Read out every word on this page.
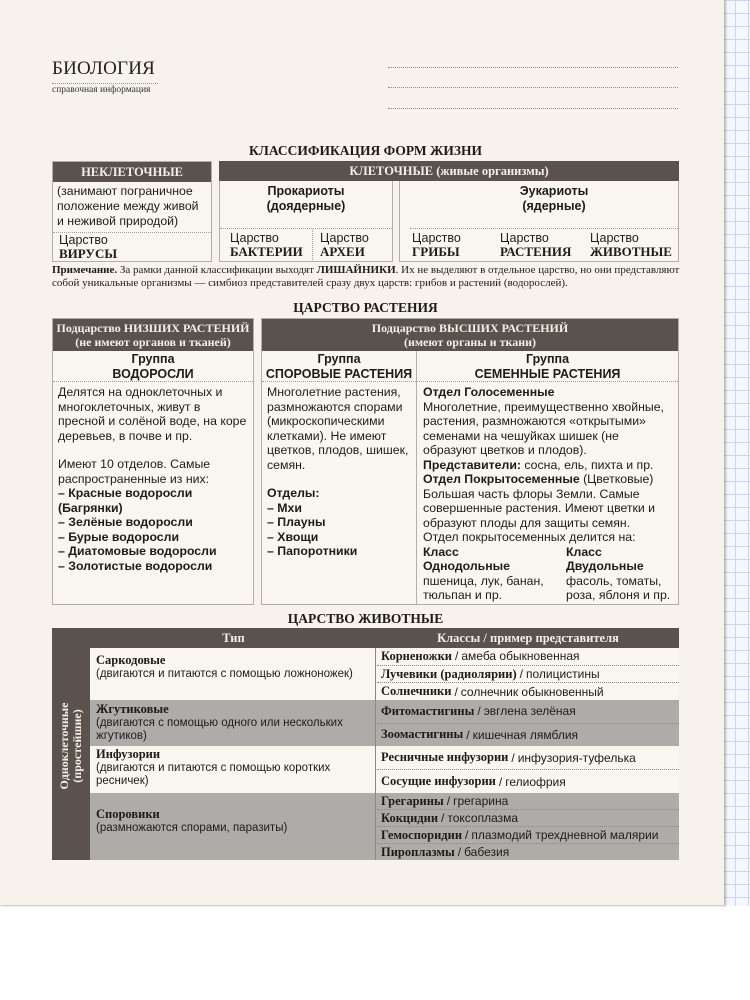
БИОЛОГИЯ
справочная информация
КЛАССИФИКАЦИЯ ФОРМ ЖИЗНИ
НЕКЛЕТОЧНЫЕ
(занимают пограничное положение между живой и неживой природой)
Царство
ВИРУСЫ
КЛЕТОЧНЫЕ (живые организмы)
Прокариоты
(доядерные)
Царство
БАКТЕРИИ
Царство
АРХЕИ
Эукариоты
(ядерные)
Царство
ГРИБЫ
Царство
РАСТЕНИЯ
Царство
ЖИВОТНЫЕ
Примечание. За рамки данной классификации выходят ЛИШАЙНИКИ. Их не выделяют в отдельное царство, но они представляют собой уникальные организмы — симбиоз представителей сразу двух царств: грибов и растений (водорослей).
ЦАРСТВО РАСТЕНИЯ
Подцарство НИЗШИХ РАСТЕНИЙ
(не имеют органов и тканей)
Группа
ВОДОРОСЛИ
Делятся на одноклеточных и многоклеточных, живут в пресной и солёной воде, на коре деревьев, в почве и пр.
Имеют 10 отделов. Самые распространенные из них:
– Красные водоросли (Багрянки)
– Зелёные водоросли
– Бурые водоросли
– Диатомовые водоросли
– Золотистые водоросли
Подцарство ВЫСШИХ РАСТЕНИЙ
(имеют органы и ткани)
Группа
СПОРОВЫЕ РАСТЕНИЯ
Многолетние растения, размножаются спорами (микроскопическими клетками). Не имеют цветков, плодов, шишек, семян.
Отделы:
– Мхи
– Плауны
– Хвощи
– Папоротники
Группа
СЕМЕННЫЕ РАСТЕНИЯ
Отдел Голосеменные
Многолетние, преимущественно хвойные, растения, размножаются «открытыми» семенами на чешуйках шишек (не образуют цветков и плодов).
Представители: сосна, ель, пихта и пр.
Отдел Покрытосеменные (Цветковые)
Большая часть флоры Земли. Самые совершенные растения. Имеют цветки и образуют плоды для защиты семян.
Отдел покрытосеменных делится на:
Класс
Однодольные
пшеница, лук, банан, тюльпан и пр.
Класс
Двудольные
фасоль, томаты, роза, яблоня и пр.
ЦАРСТВО ЖИВОТНЫЕ
Одноклеточные (простейшие)
Тип	Классы / пример представителя
Саркодовые
(двигаются и питаются с помощью ложноножек)
Корненожки / амеба обыкновенная
Лучевики (радиолярии) / полицистины
Солнечники / солнечник обыкновенный
Жгутиковые
(двигаются с помощью одного или нескольких жгутиков)
Фитомастигины / эвглена зелёная
Зоомастигины / кишечная лямблия
Инфузории
(двигаются и питаются с помощью коротких ресничек)
Ресничные инфузории / инфузория-туфелька
Сосущие инфузории / гелиофрия
Споровики
(размножаются спорами, паразиты)
Грегарины / грегарина
Кокцидии / токсоплазма
Гемоспоридии / плазмодий трехдневной малярии
Пироплазмы / бабезия
